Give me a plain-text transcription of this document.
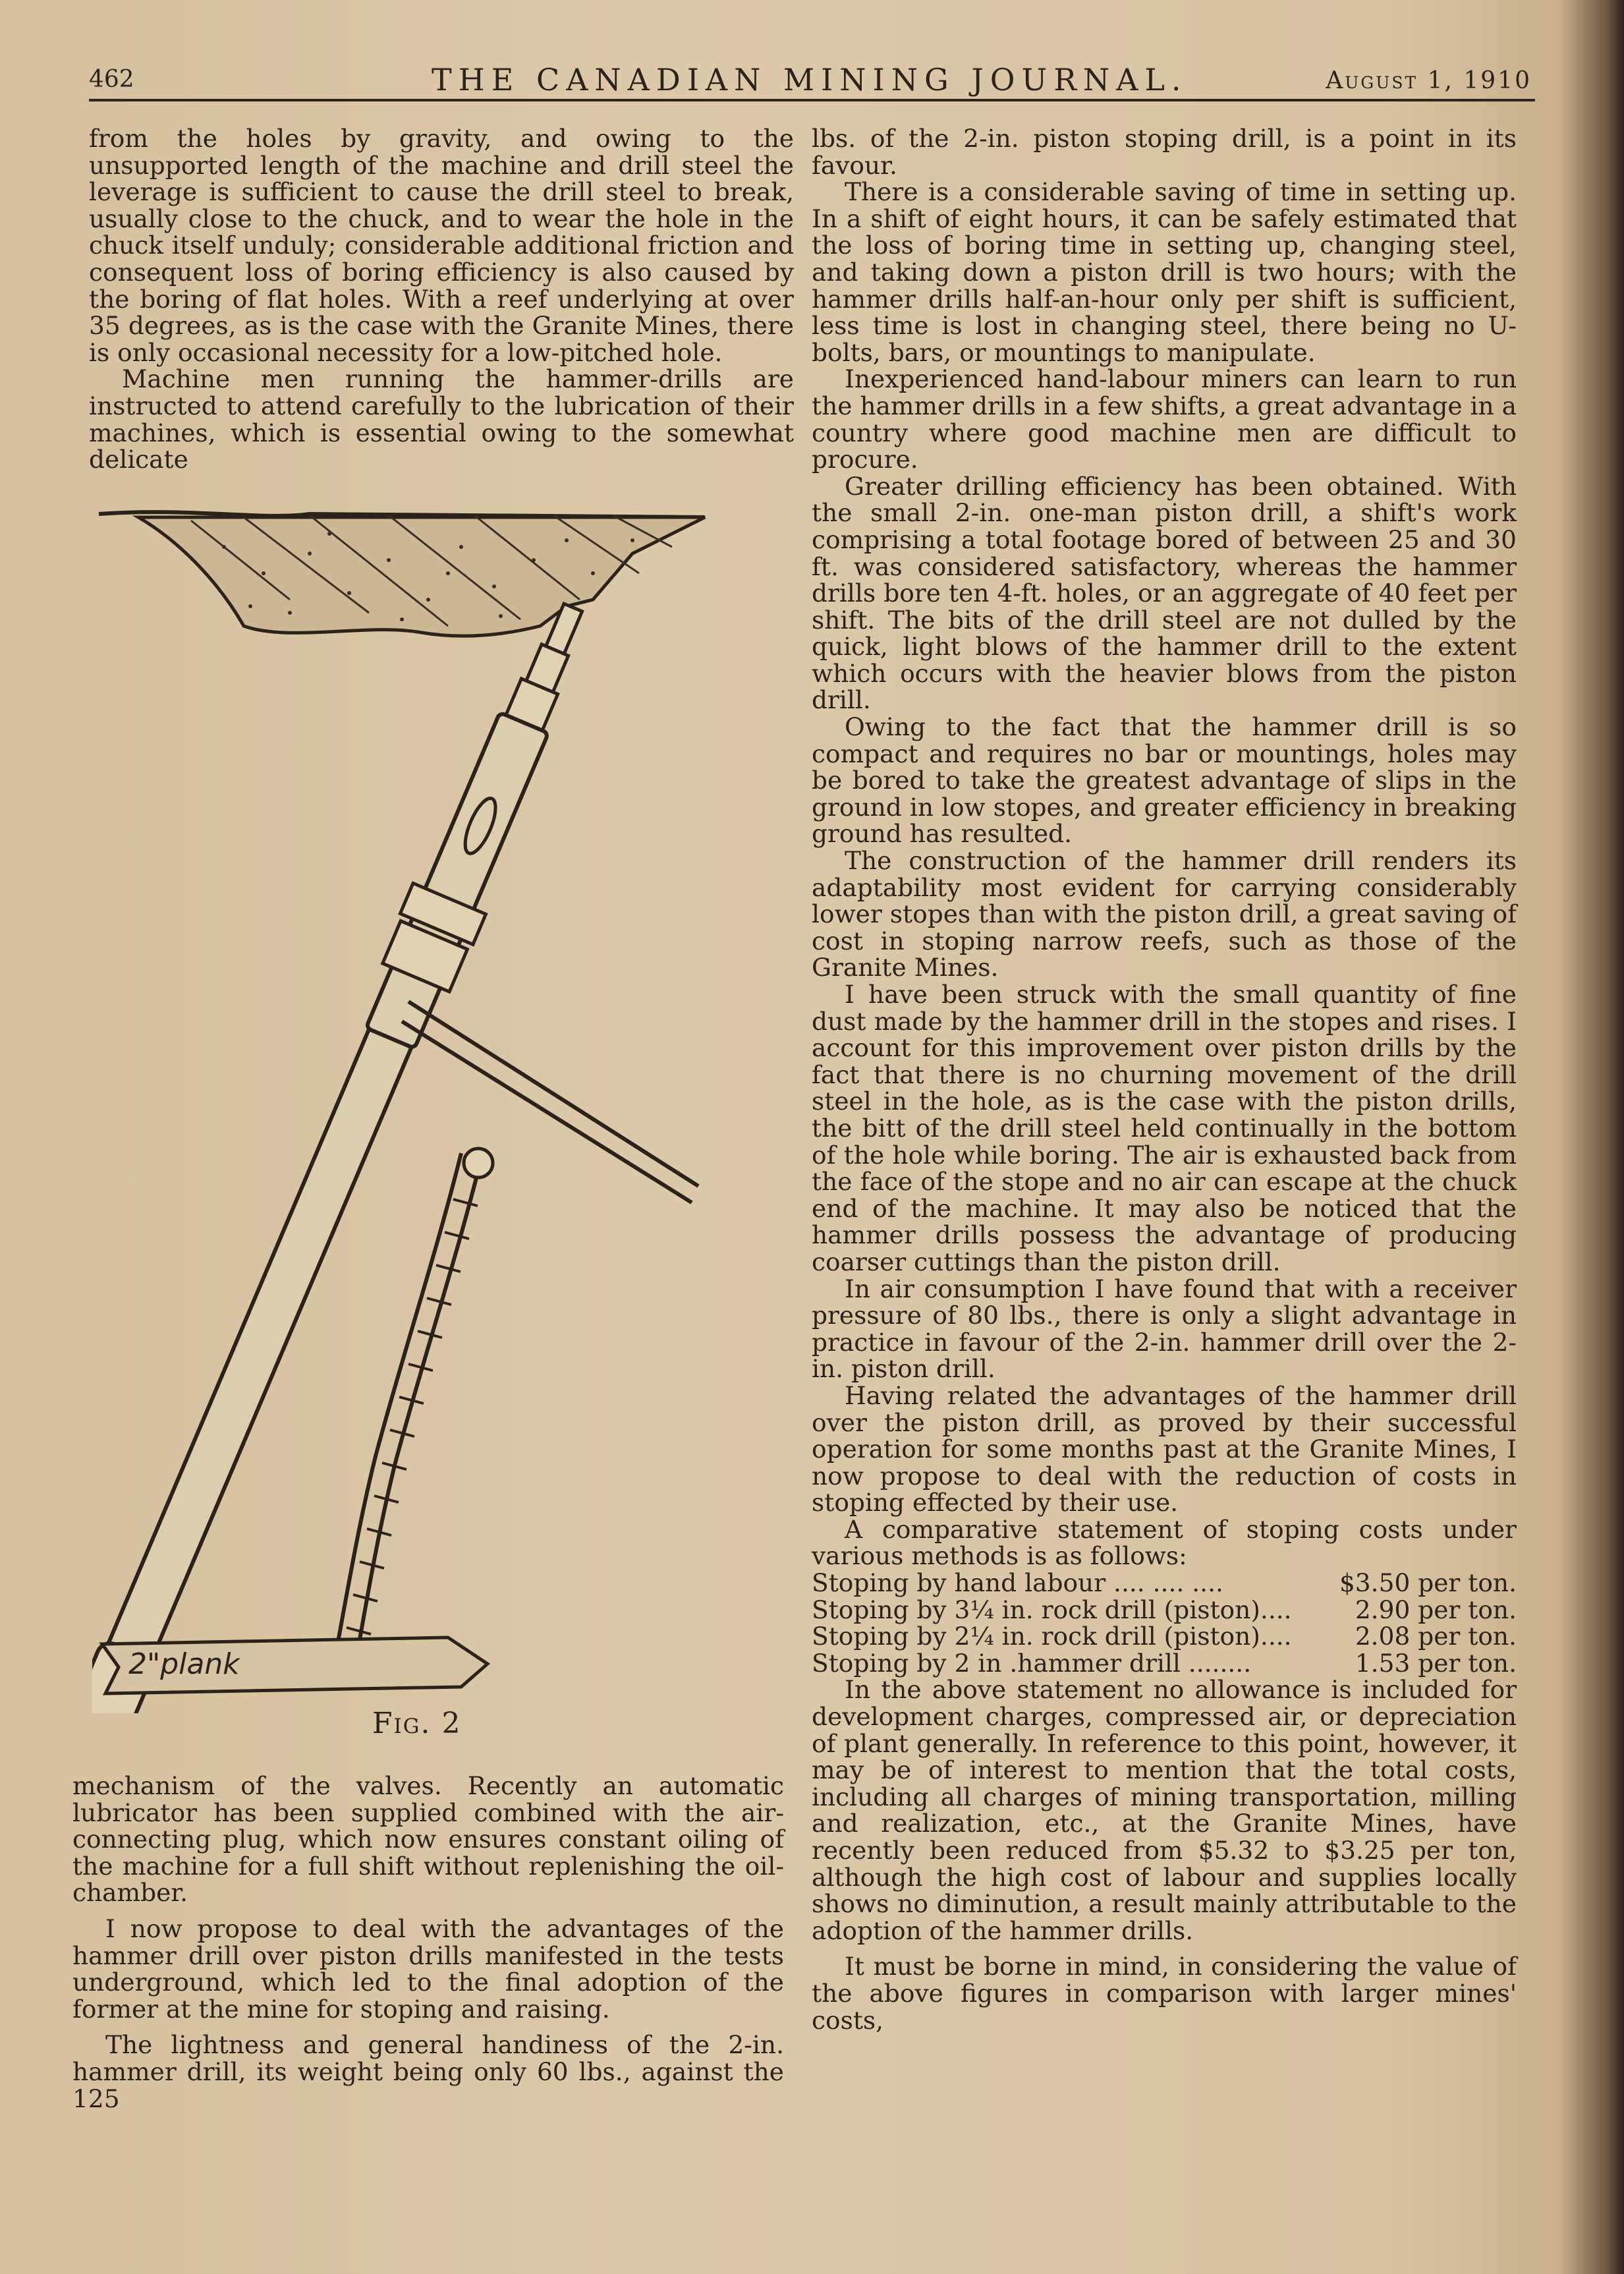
462	THE CANADIAN MINING JOURNAL.	August 1, 1910

from the holes by gravity, and owing to the unsupported length of the machine and drill steel the leverage is sufficient to cause the drill steel to break, usually close to the chuck, and to wear the hole in the chuck itself unduly; considerable additional friction and consequent loss of boring efficiency is also caused by the boring of flat holes. With a reef underlying at over 35 degrees, as is the case with the Granite Mines, there is only occasional necessity for a low-pitched hole.

Machine men running the hammer-drills are instructed to attend carefully to the lubrication of their machines, which is essential owing to the somewhat delicate

2"plank
Fig. 2

mechanism of the valves. Recently an automatic lubricator has been supplied combined with the air-connecting plug, which now ensures constant oiling of the machine for a full shift without replenishing the oil-chamber.

I now propose to deal with the advantages of the hammer drill over piston drills manifested in the tests underground, which led to the final adoption of the former at the mine for stoping and raising.

The lightness and general handiness of the 2-in. hammer drill, its weight being only 60 lbs., against the 125

lbs. of the 2-in. piston stoping drill, is a point in its favour.

There is a considerable saving of time in setting up. In a shift of eight hours, it can be safely estimated that the loss of boring time in setting up, changing steel, and taking down a piston drill is two hours; with the hammer drills half-an-hour only per shift is sufficient, less time is lost in changing steel, there being no U-bolts, bars, or mountings to manipulate.

Inexperienced hand-labour miners can learn to run the hammer drills in a few shifts, a great advantage in a country where good machine men are difficult to procure.

Greater drilling efficiency has been obtained. With the small 2-in. one-man piston drill, a shift's work comprising a total footage bored of between 25 and 30 ft. was considered satisfactory, whereas the hammer drills bore ten 4-ft. holes, or an aggregate of 40 feet per shift. The bits of the drill steel are not dulled by the quick, light blows of the hammer drill to the extent which occurs with the heavier blows from the piston drill.

Owing to the fact that the hammer drill is so compact and requires no bar or mountings, holes may be bored to take the greatest advantage of slips in the ground in low stopes, and greater efficiency in breaking ground has resulted.

The construction of the hammer drill renders its adaptability most evident for carrying considerably lower stopes than with the piston drill, a great saving of cost in stoping narrow reefs, such as those of the Granite Mines.

I have been struck with the small quantity of fine dust made by the hammer drill in the stopes and rises. I account for this improvement over piston drills by the fact that there is no churning movement of the drill steel in the hole, as is the case with the piston drills, the bitt of the drill steel held continually in the bottom of the hole while boring. The air is exhausted back from the face of the stope and no air can escape at the chuck end of the machine. It may also be noticed that the hammer drills possess the advantage of producing coarser cuttings than the piston drill.

In air consumption I have found that with a receiver pressure of 80 lbs., there is only a slight advantage in practice in favour of the 2-in. hammer drill over the 2-in. piston drill.

Having related the advantages of the hammer drill over the piston drill, as proved by their successful operation for some months past at the Granite Mines, I now propose to deal with the reduction of costs in stoping effected by their use.

A comparative statement of stoping costs under various methods is as follows:

Stoping by hand labour .... .... ....	$3.50 per ton.
Stoping by 3¼ in. rock drill (piston)....	2.90 per ton.
Stoping by 2¼ in. rock drill (piston)....	2.08 per ton.
Stoping by 2 in .hammer drill ........	1.53 per ton.

In the above statement no allowance is included for development charges, compressed air, or depreciation of plant generally. In reference to this point, however, it may be of interest to mention that the total costs, including all charges of mining transportation, milling and realization, etc., at the Granite Mines, have recently been reduced from $5.32 to $3.25 per ton, although the high cost of labour and supplies locally shows no diminution, a result mainly attributable to the adoption of the hammer drills.

It must be borne in mind, in considering the value of the above figures in comparison with larger mines' costs,
